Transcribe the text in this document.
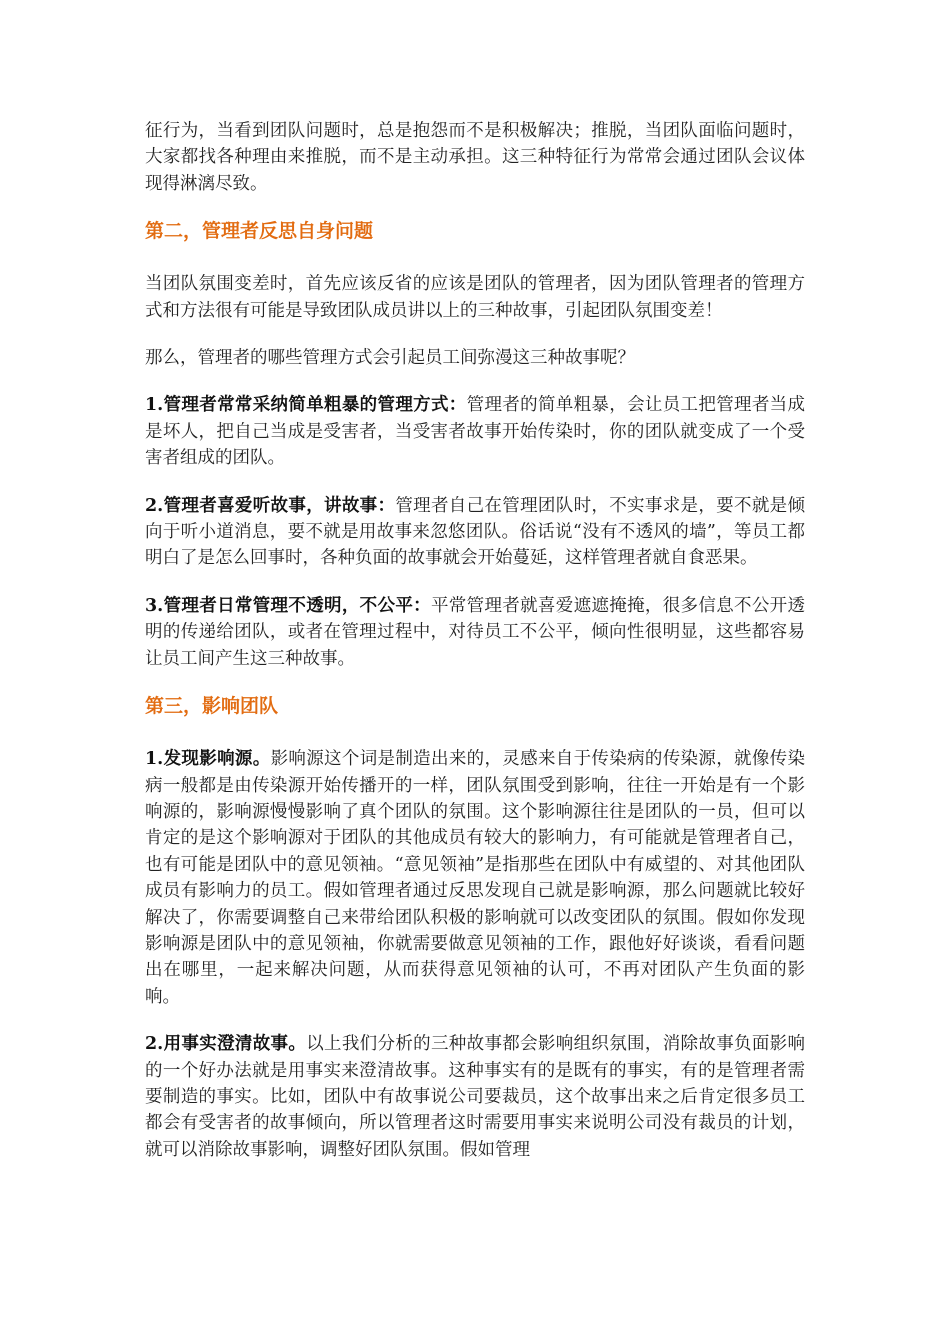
征行为，当看到团队问题时，总是抱怨而不是积极解决；推脱，当团队面临问题时，大家都找各种理由来推脱，而不是主动承担。这三种特征行为常常会通过团队会议体现得淋漓尽致。

第二，管理者反思自身问题

当团队氛围变差时，首先应该反省的应该是团队的管理者，因为团队管理者的管理方式和方法很有可能是导致团队成员讲以上的三种故事，引起团队氛围变差！

那么，管理者的哪些管理方式会引起员工间弥漫这三种故事呢？

1.管理者常常采纳简单粗暴的管理方式：管理者的简单粗暴，会让员工把管理者当成是坏人，把自己当成是受害者，当受害者故事开始传染时，你的团队就变成了一个受害者组成的团队。

2.管理者喜爱听故事，讲故事：管理者自己在管理团队时，不实事求是，要不就是倾向于听小道消息，要不就是用故事来忽悠团队。俗话说“没有不透风的墙”，等员工都明白了是怎么回事时，各种负面的故事就会开始蔓延，这样管理者就自食恶果。

3.管理者日常管理不透明，不公平：平常管理者就喜爱遮遮掩掩，很多信息不公开透明的传递给团队，或者在管理过程中，对待员工不公平，倾向性很明显，这些都容易让员工间产生这三种故事。

第三，影响团队

1.发现影响源。影响源这个词是制造出来的，灵感来自于传染病的传染源，就像传染病一般都是由传染源开始传播开的一样，团队氛围受到影响，往往一开始是有一个影响源的，影响源慢慢影响了真个团队的氛围。这个影响源往往是团队的一员，但可以肯定的是这个影响源对于团队的其他成员有较大的影响力，有可能就是管理者自己，也有可能是团队中的意见领袖。“意见领袖”是指那些在团队中有威望的、对其他团队成员有影响力的员工。假如管理者通过反思发现自己就是影响源，那么问题就比较好解决了，你需要调整自己来带给团队积极的影响就可以改变团队的氛围。假如你发现影响源是团队中的意见领袖，你就需要做意见领袖的工作，跟他好好谈谈，看看问题出在哪里，一起来解决问题，从而获得意见领袖的认可，不再对团队产生负面的影响。

2.用事实澄清故事。以上我们分析的三种故事都会影响组织氛围，消除故事负面影响的一个好办法就是用事实来澄清故事。这种事实有的是既有的事实，有的是管理者需要制造的事实。比如，团队中有故事说公司要裁员，这个故事出来之后肯定很多员工都会有受害者的故事倾向，所以管理者这时需要用事实来说明公司没有裁员的计划，就可以消除故事影响，调整好团队氛围。假如管理
